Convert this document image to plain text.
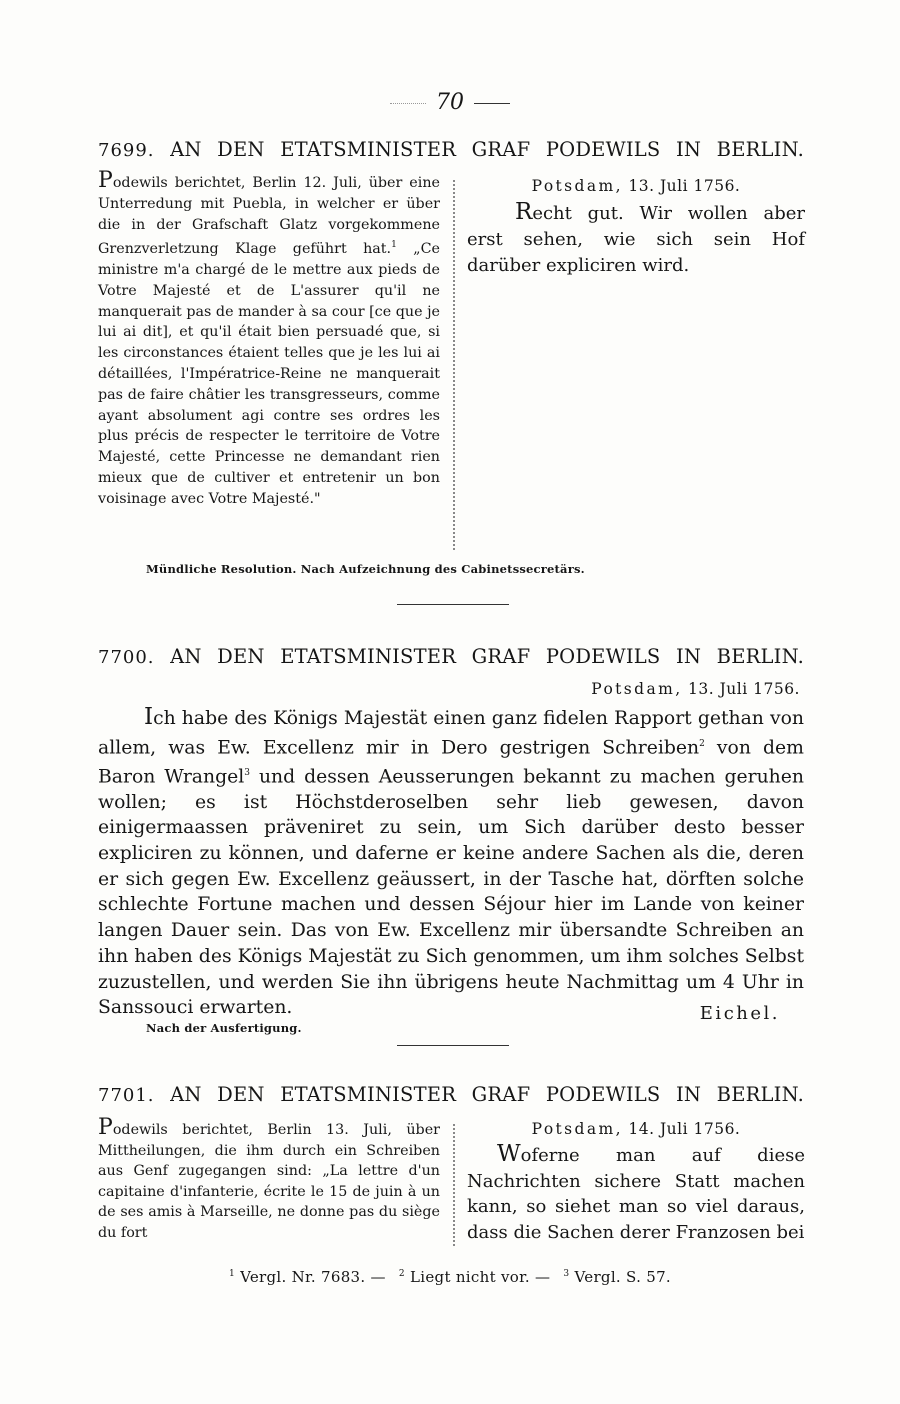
70
7699. AN DEN ETATSMINISTER GRAF PODEWILS IN BERLIN.
Podewils berichtet, Berlin 12. Juli, über eine Unterredung mit Puebla, in welcher er über die in der Grafschaft Glatz vorgekommene Grenzverletzung Klage geführt hat.$^1$ „Ce ministre m'a chargé de le mettre aux pieds de Votre Majesté et de L'assurer qu'il ne manquerait pas de mander à sa cour [ce que je lui ai dit], et qu'il était bien persuadé que, si les circonstances étaient telles que je les lui ai détaillées, l'Impératrice-Reine ne manquerait pas de faire châtier les transgresseurs, comme ayant absolument agi contre ses ordres les plus précis de respecter le territoire de Votre Majesté, cette Princesse ne demandant rien mieux que de cultiver et entretenir un bon voisinage avec Votre Majesté."
Potsdam, 13. Juli 1756.
Recht gut. Wir wollen aber erst sehen, wie sich sein Hof darüber expliciren wird.
Mündliche Resolution. Nach Aufzeichnung des Cabinetssecretärs.
7700. AN DEN ETATSMINISTER GRAF PODEWILS IN BERLIN.
Potsdam, 13. Juli 1756.
Ich habe des Königs Majestät einen ganz fidelen Rapport gethan von allem, was Ew. Excellenz mir in Dero gestrigen Schreiben$^2$ von dem Baron Wrangel$^3$ und dessen Aeusserungen bekannt zu machen geruhen wollen; es ist Höchstderoselben sehr lieb gewesen, davon einigermaassen präveniret zu sein, um Sich darüber desto besser expliciren zu können, und daferne er keine andere Sachen als die, deren er sich gegen Ew. Excellenz geäussert, in der Tasche hat, dörften solche schlechte Fortune machen und dessen Séjour hier im Lande von keiner langen Dauer sein. Das von Ew. Excellenz mir übersandte Schreiben an ihn haben des Königs Majestät zu Sich genommen, um ihm solches Selbst zuzustellen, und werden Sie ihn übrigens heute Nachmittag um 4 Uhr in Sanssouci erwarten.	Eichel.
Nach der Ausfertigung.
7701. AN DEN ETATSMINISTER GRAF PODEWILS IN BERLIN.
Podewils berichtet, Berlin 13. Juli, über Mittheilungen, die ihm durch ein Schreiben aus Genf zugegangen sind: „La lettre d'un capitaine d'infanterie, écrite le 15 de juin à un de ses amis à Marseille, ne donne pas du siège du fort
Potsdam, 14. Juli 1756.
Woferne man auf diese Nachrichten sichere Statt machen kann, so siehet man so viel daraus, dass die Sachen derer Franzosen bei
$^1$ Vergl. Nr. 7683. — $^2$ Liegt nicht vor. — $^3$ Vergl. S. 57.
